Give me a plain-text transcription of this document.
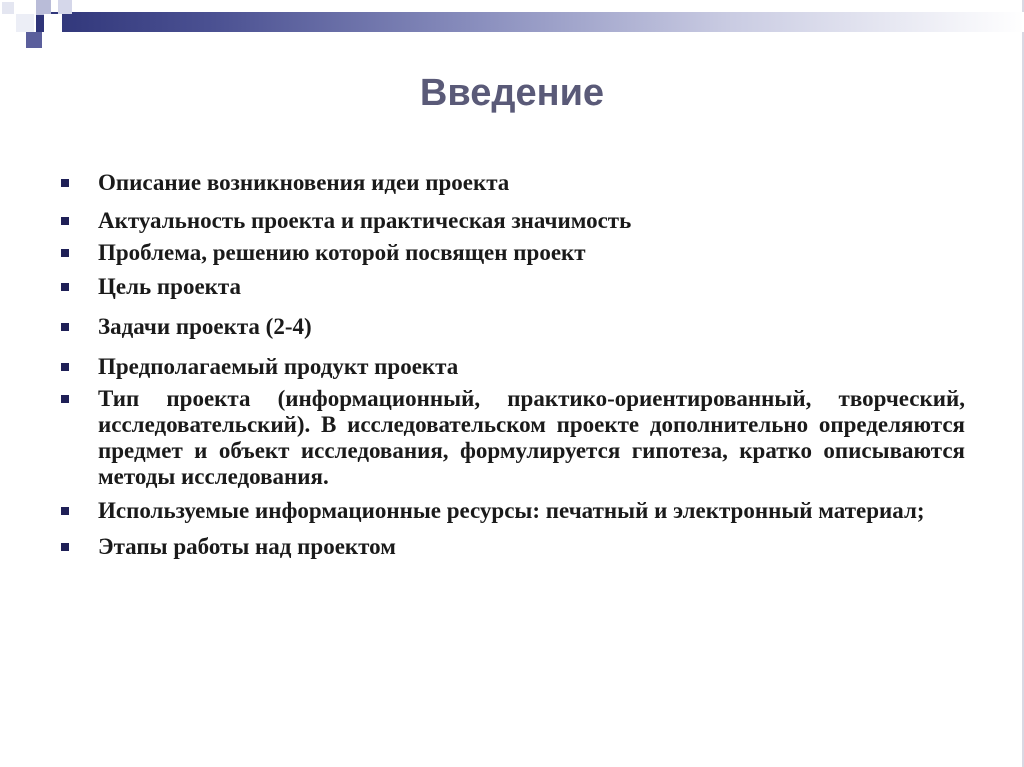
Введение
Описание возникновения идеи проекта
Актуальность проекта и практическая значимость
Проблема, решению которой посвящен проект
Цель проекта
Задачи проекта (2-4)
Предполагаемый продукт проекта
Тип проекта (информационный, практико-ориентированный, творческий, исследовательский). В исследовательском проекте дополнительно определяются предмет и объект исследования, формулируется гипотеза, кратко описываются методы исследования.
Используемые информационные ресурсы: печатный и электронный материал;
Этапы работы над проектом
